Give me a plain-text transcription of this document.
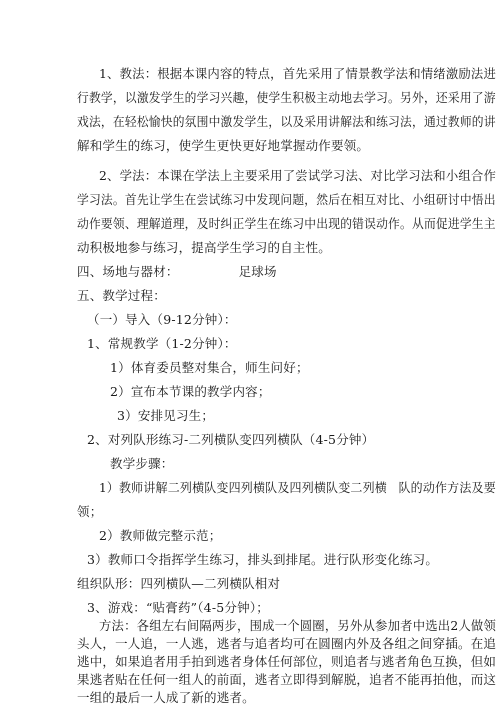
1、教法：根据本课内容的特点，首先采用了情景教学法和情绪激励法进
行教学，以激发学生的学习兴趣，使学生积极主动地去学习。另外，还采用了游
戏法，在轻松愉快的氛围中激发学生，以及采用讲解法和练习法，通过教师的讲
解和学生的练习，使学生更快更好地掌握动作要领。
2、学法：本课在学法上主要采用了尝试学习法、对比学习法和小组合作
学习法。首先让学生在尝试练习中发现问题，然后在相互对比、小组研讨中悟出
动作要领、理解道理，及时纠正学生在练习中出现的错误动作。从而促进学生主
动积极地参与练习，提高学生学习的自主性。
四、场地与器材：	足球场
五、教学过程：
（一）导入（9-12分钟）：
1、常规教学（1-2分钟）：
1）体育委员整对集合，师生问好；
2）宣布本节课的教学内容；
3）安排见习生；
2、对列队形练习-二列横队变四列横队（4-5分钟）
教学步骤：
1）教师讲解二列横队变四列横队及四列横队变二列横 队的动作方法及要
领；
2）教师做完整示范；
3）教师口令指挥学生练习，排头到排尾。进行队形变化练习。
组织队形：四列横队—二列横队相对
3、游戏：“贴膏药”（4-5分钟）；
方法：各组左右间隔两步，围成一个圆圈，另外从参加者中选出2人做领
头人，一人追，一人逃，逃者与追者均可在圆圈内外及各组之间穿插。在追
逃中，如果追者用手拍到逃者身体任何部位，则追者与逃者角色互换，但如
果逃者贴在任何一组人的前面，逃者立即得到解脱，追者不能再拍他，而这
一组的最后一人成了新的逃者。
